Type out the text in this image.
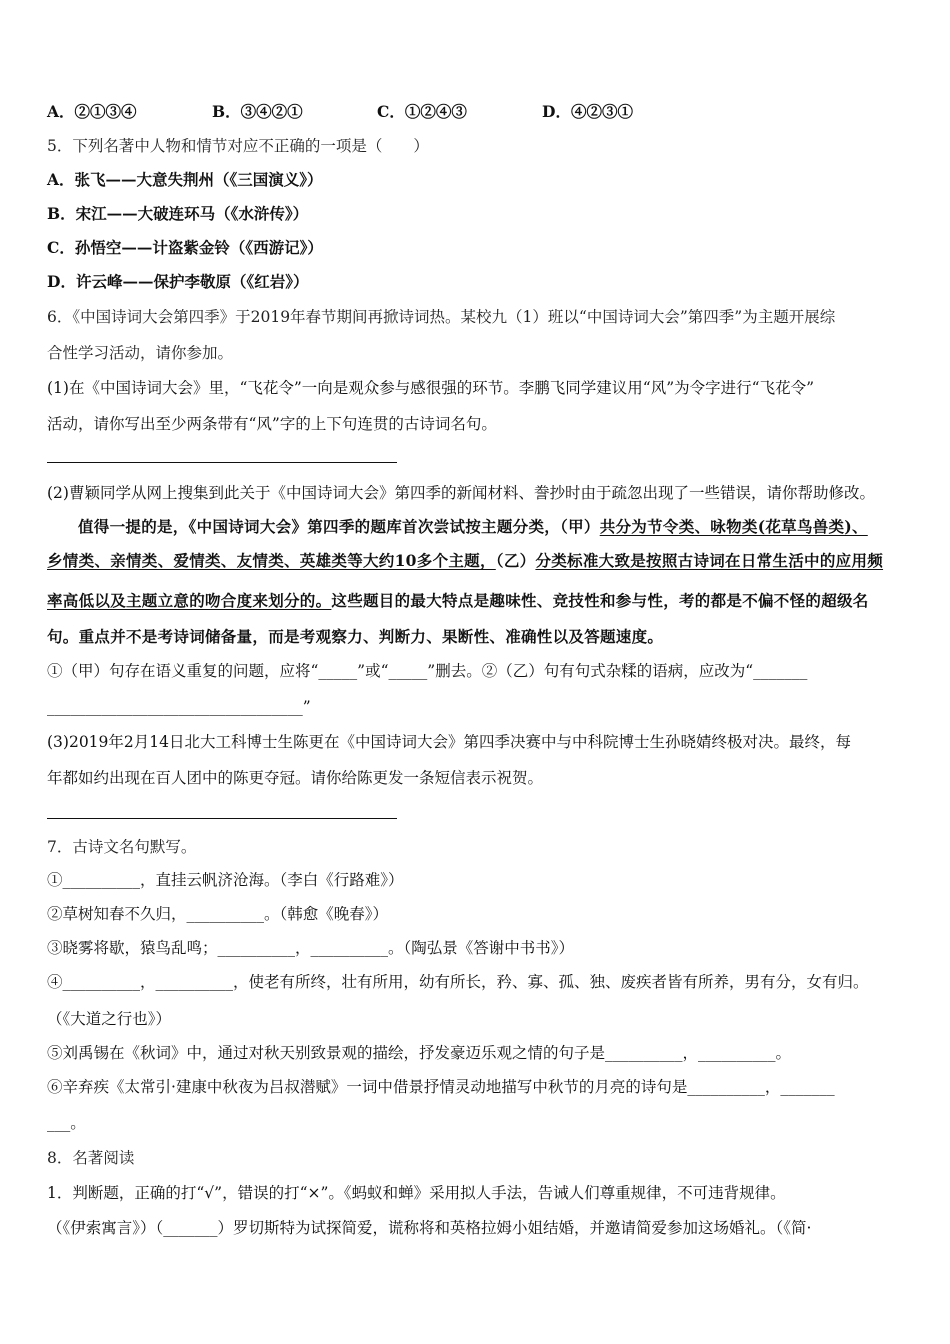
A．②①③④	B．③④②①	C．①②④③	D．④②③①
5．下列名著中人物和情节对应不正确的一项是（　　）
A．张飞——大意失荆州（《三国演义》）
B．宋江——大破连环马（《水浒传》）
C．孙悟空——计盗紫金铃（《西游记》）
D．许云峰——保护李敬原（《红岩》）
6．《中国诗词大会第四季》于2019年春节期间再掀诗词热。某校九（1）班以“中国诗词大会”第四季”为主题开展综
合性学习活动，请你参加。
(1)在《中国诗词大会》里，“飞花令”一向是观众参与感很强的环节。李鹏飞同学建议用“风”为令字进行“飞花令”
活动，请你写出至少两条带有“风”字的上下句连贯的古诗词名句。
(2)曹颖同学从网上搜集到此关于《中国诗词大会》第四季的新闻材料、誊抄时由于疏忽出现了一些错误，请你帮助修改。
值得一提的是，《中国诗词大会》第四季的题库首次尝试按主题分类，（甲）共分为节令类、咏物类(花草鸟兽类)、
乡情类、亲情类、爱情类、友情类、英雄类等大约10多个主题，（乙）分类标准大致是按照古诗词在日常生活中的应用频
率高低以及主题立意的吻合度来划分的。这些题目的最大特点是趣味性、竞技性和参与性，考的都是不偏不怪的超级名
句。重点并不是考诗词储备量，而是考观察力、判断力、果断性、准确性以及答题速度。
①（甲）句存在语义重复的问题，应将“_____”或“_____”删去。②（乙）句有句式杂糅的语病，应改为“_______
_________________________________”
(3)2019年2月14日北大工科博士生陈更在《中国诗词大会》第四季决赛中与中科院博士生孙晓婧终极对决。最终，每
年都如约出现在百人团中的陈更夺冠。请你给陈更发一条短信表示祝贺。
7．古诗文名句默写。
①__________，直挂云帆济沧海。（李白《行路难》）
②草树知春不久归，__________。（韩愈《晚春》）
③晓雾将歇，猿鸟乱鸣；__________，__________。（陶弘景《答谢中书书》）
④__________，__________，使老有所终，壮有所用，幼有所长，矜、寡、孤、独、废疾者皆有所养，男有分，女有归。
（《大道之行也》）
⑤刘禹锡在《秋词》中，通过对秋天别致景观的描绘，抒发豪迈乐观之情的句子是__________，__________。
⑥辛弃疾《太常引·建康中秋夜为吕叔潜赋》一词中借景抒情灵动地描写中秋节的月亮的诗句是__________，_______
___。
8．名著阅读
1．判断题，正确的打“√”，错误的打“×”。《蚂蚁和蝉》采用拟人手法，告诫人们尊重规律，不可违背规律。
（《伊索寓言》）（_______）罗切斯特为试探简爱，谎称将和英格拉姆小姐结婚，并邀请简爱参加这场婚礼。（《简·
